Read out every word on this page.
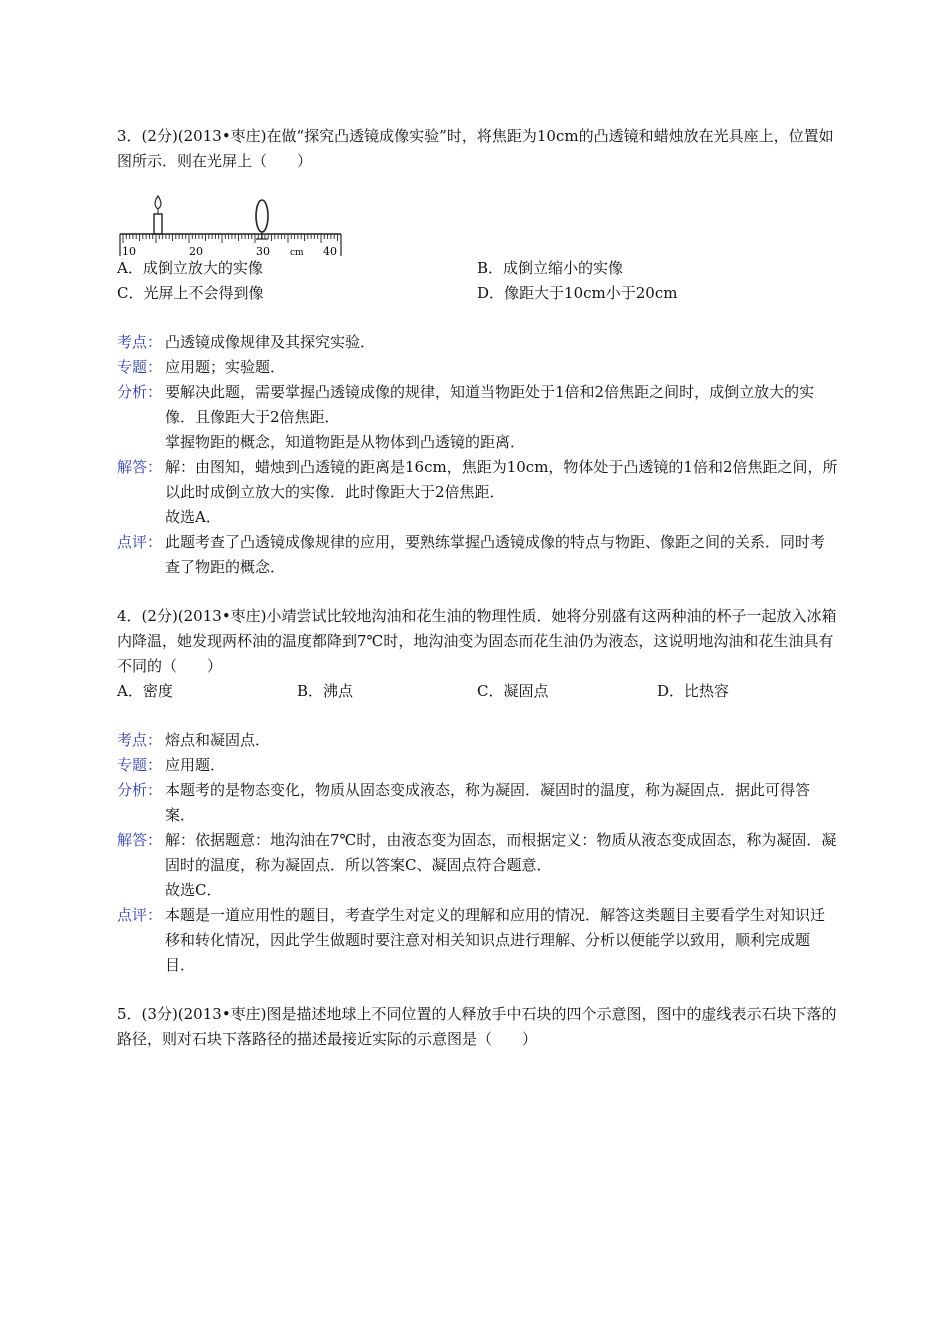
3．(2分)(2013•枣庄)在做“探究凸透镜成像实验”时，将焦距为10cm的凸透镜和蜡烛放在光具座上，位置如图所示．则在光屏上（　　）

10	20	30 cm 40
A．成倒立放大的实像	B．成倒立缩小的实像
C．光屏上不会得到像	D．像距大于10cm小于20cm
考点： 凸透镜成像规律及其探究实验．

专题： 应用题；实验题．

分析： 要解决此题，需要掌握凸透镜成像的规律，知道当物距处于1倍和2倍焦距之间时，成倒立放大的实像．且像距大于2倍焦距．

掌握物距的概念，知道物距是从物体到凸透镜的距离．

解答： 解：由图知，蜡烛到凸透镜的距离是16cm，焦距为10cm，物体处于凸透镜的1倍和2倍焦距之间，所以此时成倒立放大的实像．此时像距大于2倍焦距．

故选A．

点评： 此题考查了凸透镜成像规律的应用，要熟练掌握凸透镜成像的特点与物距、像距之间的关系．同时考查了物距的概念．

4．(2分)(2013•枣庄)小靖尝试比较地沟油和花生油的物理性质．她将分别盛有这两种油的杯子一起放入冰箱内降温，她发现两杯油的温度都降到7℃时，地沟油变为固态而花生油仍为液态，这说明地沟油和花生油具有不同的（　　）

A．密度	B．沸点	C．凝固点	D．比热容
考点： 熔点和凝固点．

专题： 应用题．

分析： 本题考的是物态变化，物质从固态变成液态，称为凝固．凝固时的温度，称为凝固点．据此可得答案．

解答： 解：依据题意：地沟油在7℃时，由液态变为固态，而根据定义：物质从液态变成固态，称为凝固．凝固时的温度，称为凝固点．所以答案C、凝固点符合题意．

故选C．

点评： 本题是一道应用性的题目，考查学生对定义的理解和应用的情况．解答这类题目主要看学生对知识迁移和转化情况，因此学生做题时要注意对相关知识点进行理解、分析以便能学以致用，顺利完成题目．

5．(3分)(2013•枣庄)图是描述地球上不同位置的人释放手中石块的四个示意图，图中的虚线表示石块下落的路径，则对石块下落路径的描述最接近实际的示意图是（　　）
